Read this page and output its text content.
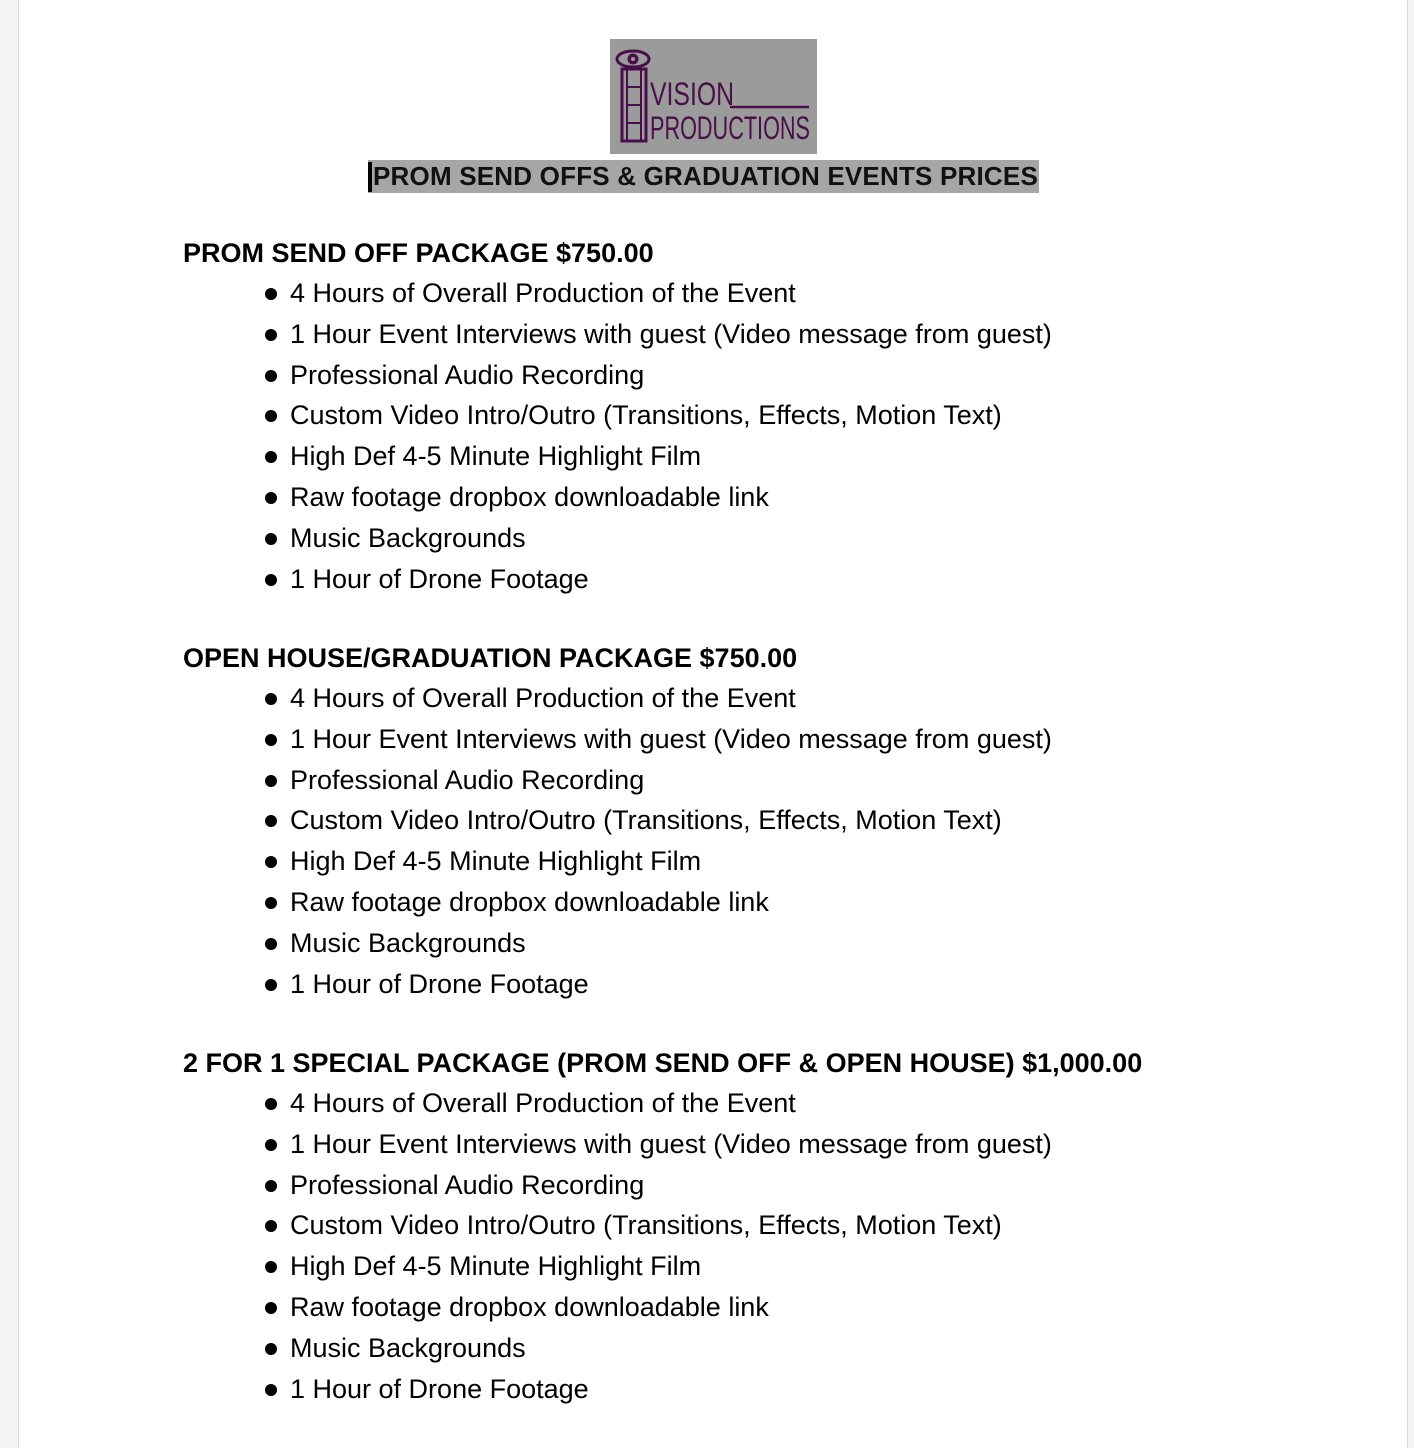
VISION
PRODUCTIONS
PROM SEND OFFS & GRADUATION EVENTS PRICES
PROM SEND OFF PACKAGE $750.00
4 Hours of Overall Production of the Event
1 Hour Event Interviews with guest (Video message from guest)
Professional Audio Recording
Custom Video Intro/Outro (Transitions, Effects, Motion Text)
High Def 4-5 Minute Highlight Film
Raw footage dropbox downloadable link
Music Backgrounds
1 Hour of Drone Footage
OPEN HOUSE/GRADUATION PACKAGE $750.00
4 Hours of Overall Production of the Event
1 Hour Event Interviews with guest (Video message from guest)
Professional Audio Recording
Custom Video Intro/Outro (Transitions, Effects, Motion Text)
High Def 4-5 Minute Highlight Film
Raw footage dropbox downloadable link
Music Backgrounds
1 Hour of Drone Footage
2 FOR 1 SPECIAL PACKAGE (PROM SEND OFF & OPEN HOUSE) $1,000.00
4 Hours of Overall Production of the Event
1 Hour Event Interviews with guest (Video message from guest)
Professional Audio Recording
Custom Video Intro/Outro (Transitions, Effects, Motion Text)
High Def 4-5 Minute Highlight Film
Raw footage dropbox downloadable link
Music Backgrounds
1 Hour of Drone Footage
